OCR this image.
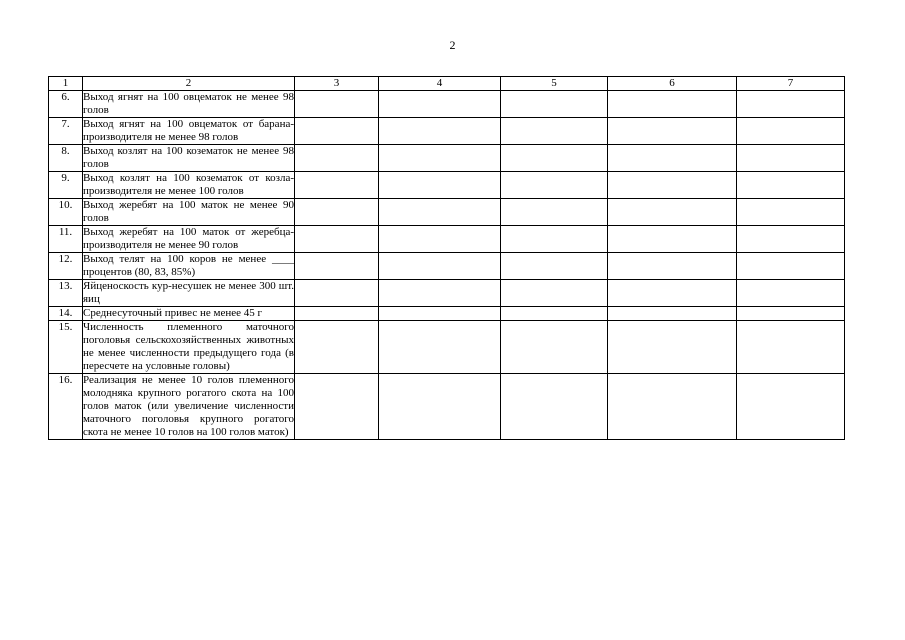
2
1	2	3	4	5	6	7
6.	Выход ягнят на 100 овцематок не менее 98 голов					
7.	Выход ягнят на 100 овцематок от барана-производителя не менее 98 голов					
8.	Выход козлят на 100 козематок не менее 98 голов					
9.	Выход козлят на 100 козематок от козла-производителя не менее 100 голов					
10.	Выход жеребят на 100 маток не менее 90 голов					
11.	Выход жеребят на 100 маток от жеребца-производителя не менее 90 голов					
12.	Выход телят на 100 коров не менее ____ процентов (80, 83, 85%)					
13.	Яйценоскость кур-несушек не менее 300 шт. яиц					
14.	Среднесуточный привес не менее 45 г					
15.	Численность племенного маточного поголовья сельскохозяйственных животных не менее численности предыдущего года (в пересчете на условные головы)					
16.	Реализация не менее 10 голов племенного молодняка крупного рогатого скота на 100 голов маток (или увеличение численности маточного поголовья крупного рогатого скота не менее 10 голов на 100 голов маток)					
